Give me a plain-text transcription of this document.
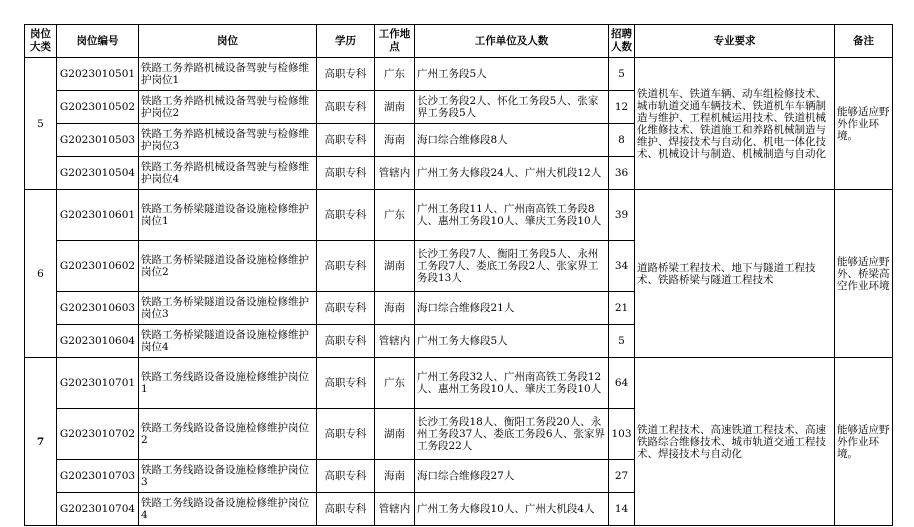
岗位大类	岗位编号	岗位	学历	工作地点	工作单位及人数	招聘人数	专业要求	备注
5	G2023010501	铁路工务养路机械设备驾驶与检修维护岗位1	高职专科	广东	广州工务段5人	5	铁道机车、铁道车辆、动车组检修技术、城市轨道交通车辆技术、铁道机车车辆制造与维护、工程机械运用技术、铁道机械化维修技术、铁道施工和养路机械制造与维护、焊接技术与自动化、机电一体化技术、机械设计与制造、机械制造与自动化	能够适应野外作业环境。
	G2023010502	铁路工务养路机械设备驾驶与检修维护岗位2	高职专科	湖南	长沙工务段2人、怀化工务段5人、张家界工务段5人	12		
	G2023010503	铁路工务养路机械设备驾驶与检修维护岗位3	高职专科	海南	海口综合维修段8人	8		
	G2023010504	铁路工务养路机械设备驾驶与检修维护岗位4	高职专科	管辖内	广州工务大修段24人、广州大机段12人	36		
6	G2023010601	铁路工务桥梁隧道设备设施检修维护岗位1	高职专科	广东	广州工务段11人、广州南高铁工务段8人、惠州工务段10人、肇庆工务段10人	39	道路桥梁工程技术、地下与隧道工程技术、铁路桥梁与隧道工程技术	能够适应野外、桥梁高空作业环境
	G2023010602	铁路工务桥梁隧道设备设施检修维护岗位2	高职专科	湖南	长沙工务段7人、衡阳工务段5人、永州工务段7人、娄底工务段2人、张家界工务段13人	34		
	G2023010603	铁路工务桥梁隧道设备设施检修维护岗位3	高职专科	海南	海口综合维修段21人	21		
	G2023010604	铁路工务桥梁隧道设备设施检修维护岗位4	高职专科	管辖内	广州工务大修段5人	5		
7	G2023010701	铁路工务线路设备设施检修维护岗位1	高职专科	广东	广州工务段32人、广州南高铁工务段12人、惠州工务段10人、肇庆工务段10人	64	铁道工程技术、高速铁道工程技术、高速铁路综合维修技术、城市轨道交通工程技术、焊接技术与自动化	能够适应野外作业环境。
	G2023010702	铁路工务线路设备设施检修维护岗位2	高职专科	湖南	长沙工务段18人、衡阳工务段20人、永州工务段37人、娄底工务段6人、张家界工务段22人	103		
	G2023010703	铁路工务线路设备设施检修维护岗位3	高职专科	海南	海口综合维修段27人	27		
	G2023010704	铁路工务线路设备设施检修维护岗位4	高职专科	管辖内	广州工务大修段10人、广州大机段4人	14		
